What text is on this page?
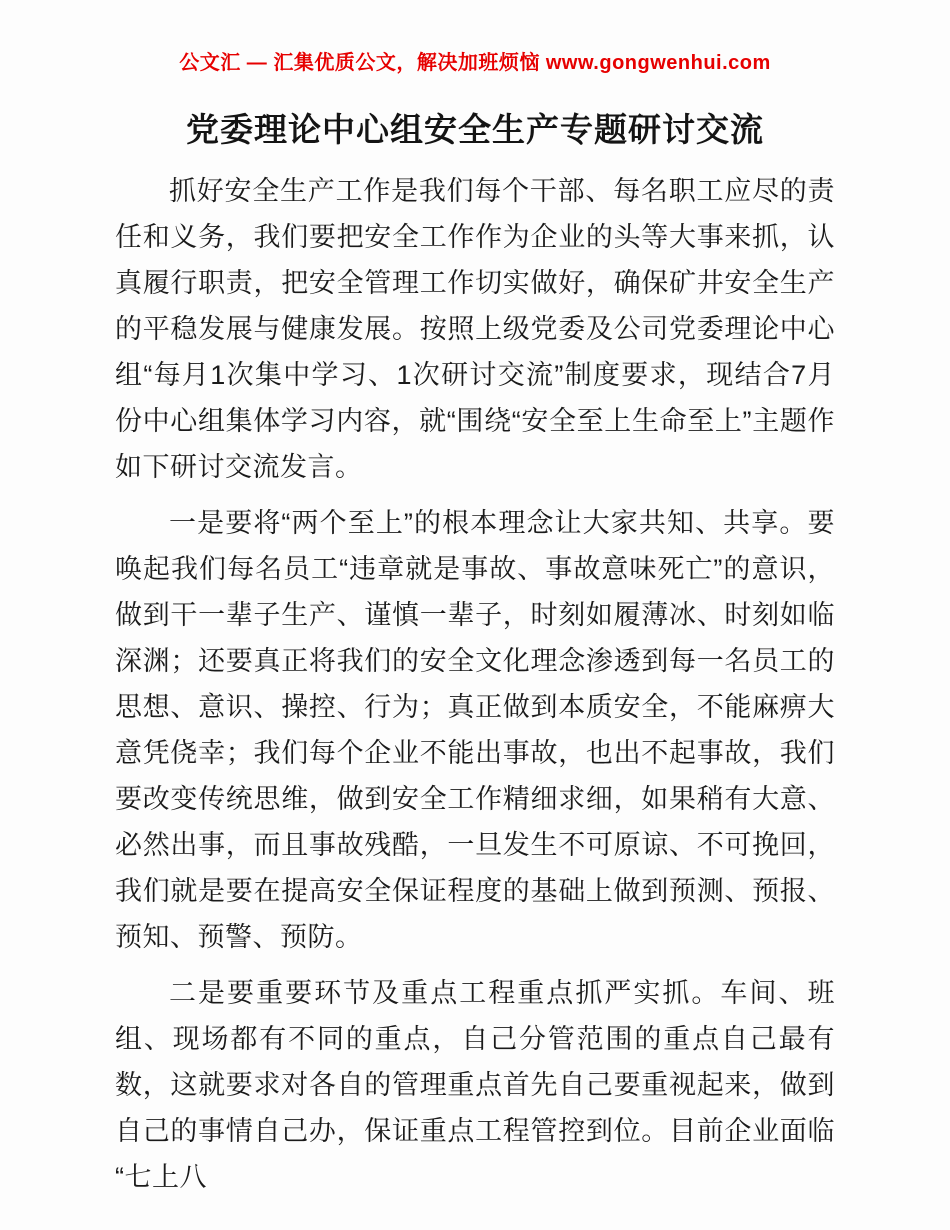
公文汇 — 汇集优质公文，解决加班烦恼 www.gongwenhui.com
党委理论中心组安全生产专题研讨交流

抓好安全生产工作是我们每个干部、每名职工应尽的责任和义务，我们要把安全工作作为企业的头等大事来抓，认真履行职责，把安全管理工作切实做好，确保矿井安全生产的平稳发展与健康发展。按照上级党委及公司党委理论中心组“每月1次集中学习、1次研讨交流”制度要求，现结合7月份中心组集体学习内容，就“围绕“安全至上生命至上”主题作如下研讨交流发言。

一是要将“两个至上”的根本理念让大家共知、共享。要唤起我们每名员工“违章就是事故、事故意味死亡”的意识，做到干一辈子生产、谨慎一辈子，时刻如履薄冰、时刻如临深渊；还要真正将我们的安全文化理念渗透到每一名员工的思想、意识、操控、行为；真正做到本质安全，不能麻痹大意凭侥幸；我们每个企业不能出事故，也出不起事故，我们要改变传统思维，做到安全工作精细求细，如果稍有大意、必然出事，而且事故残酷，一旦发生不可原谅、不可挽回，我们就是要在提高安全保证程度的基础上做到预测、预报、预知、预警、预防。

二是要重要环节及重点工程重点抓严实抓。车间、班组、现场都有不同的重点，自己分管范围的重点自己最有数，这就要求对各自的管理重点首先自己要重视起来，做到自己的事情自己办，保证重点工程管控到位。目前企业面临“七上八
